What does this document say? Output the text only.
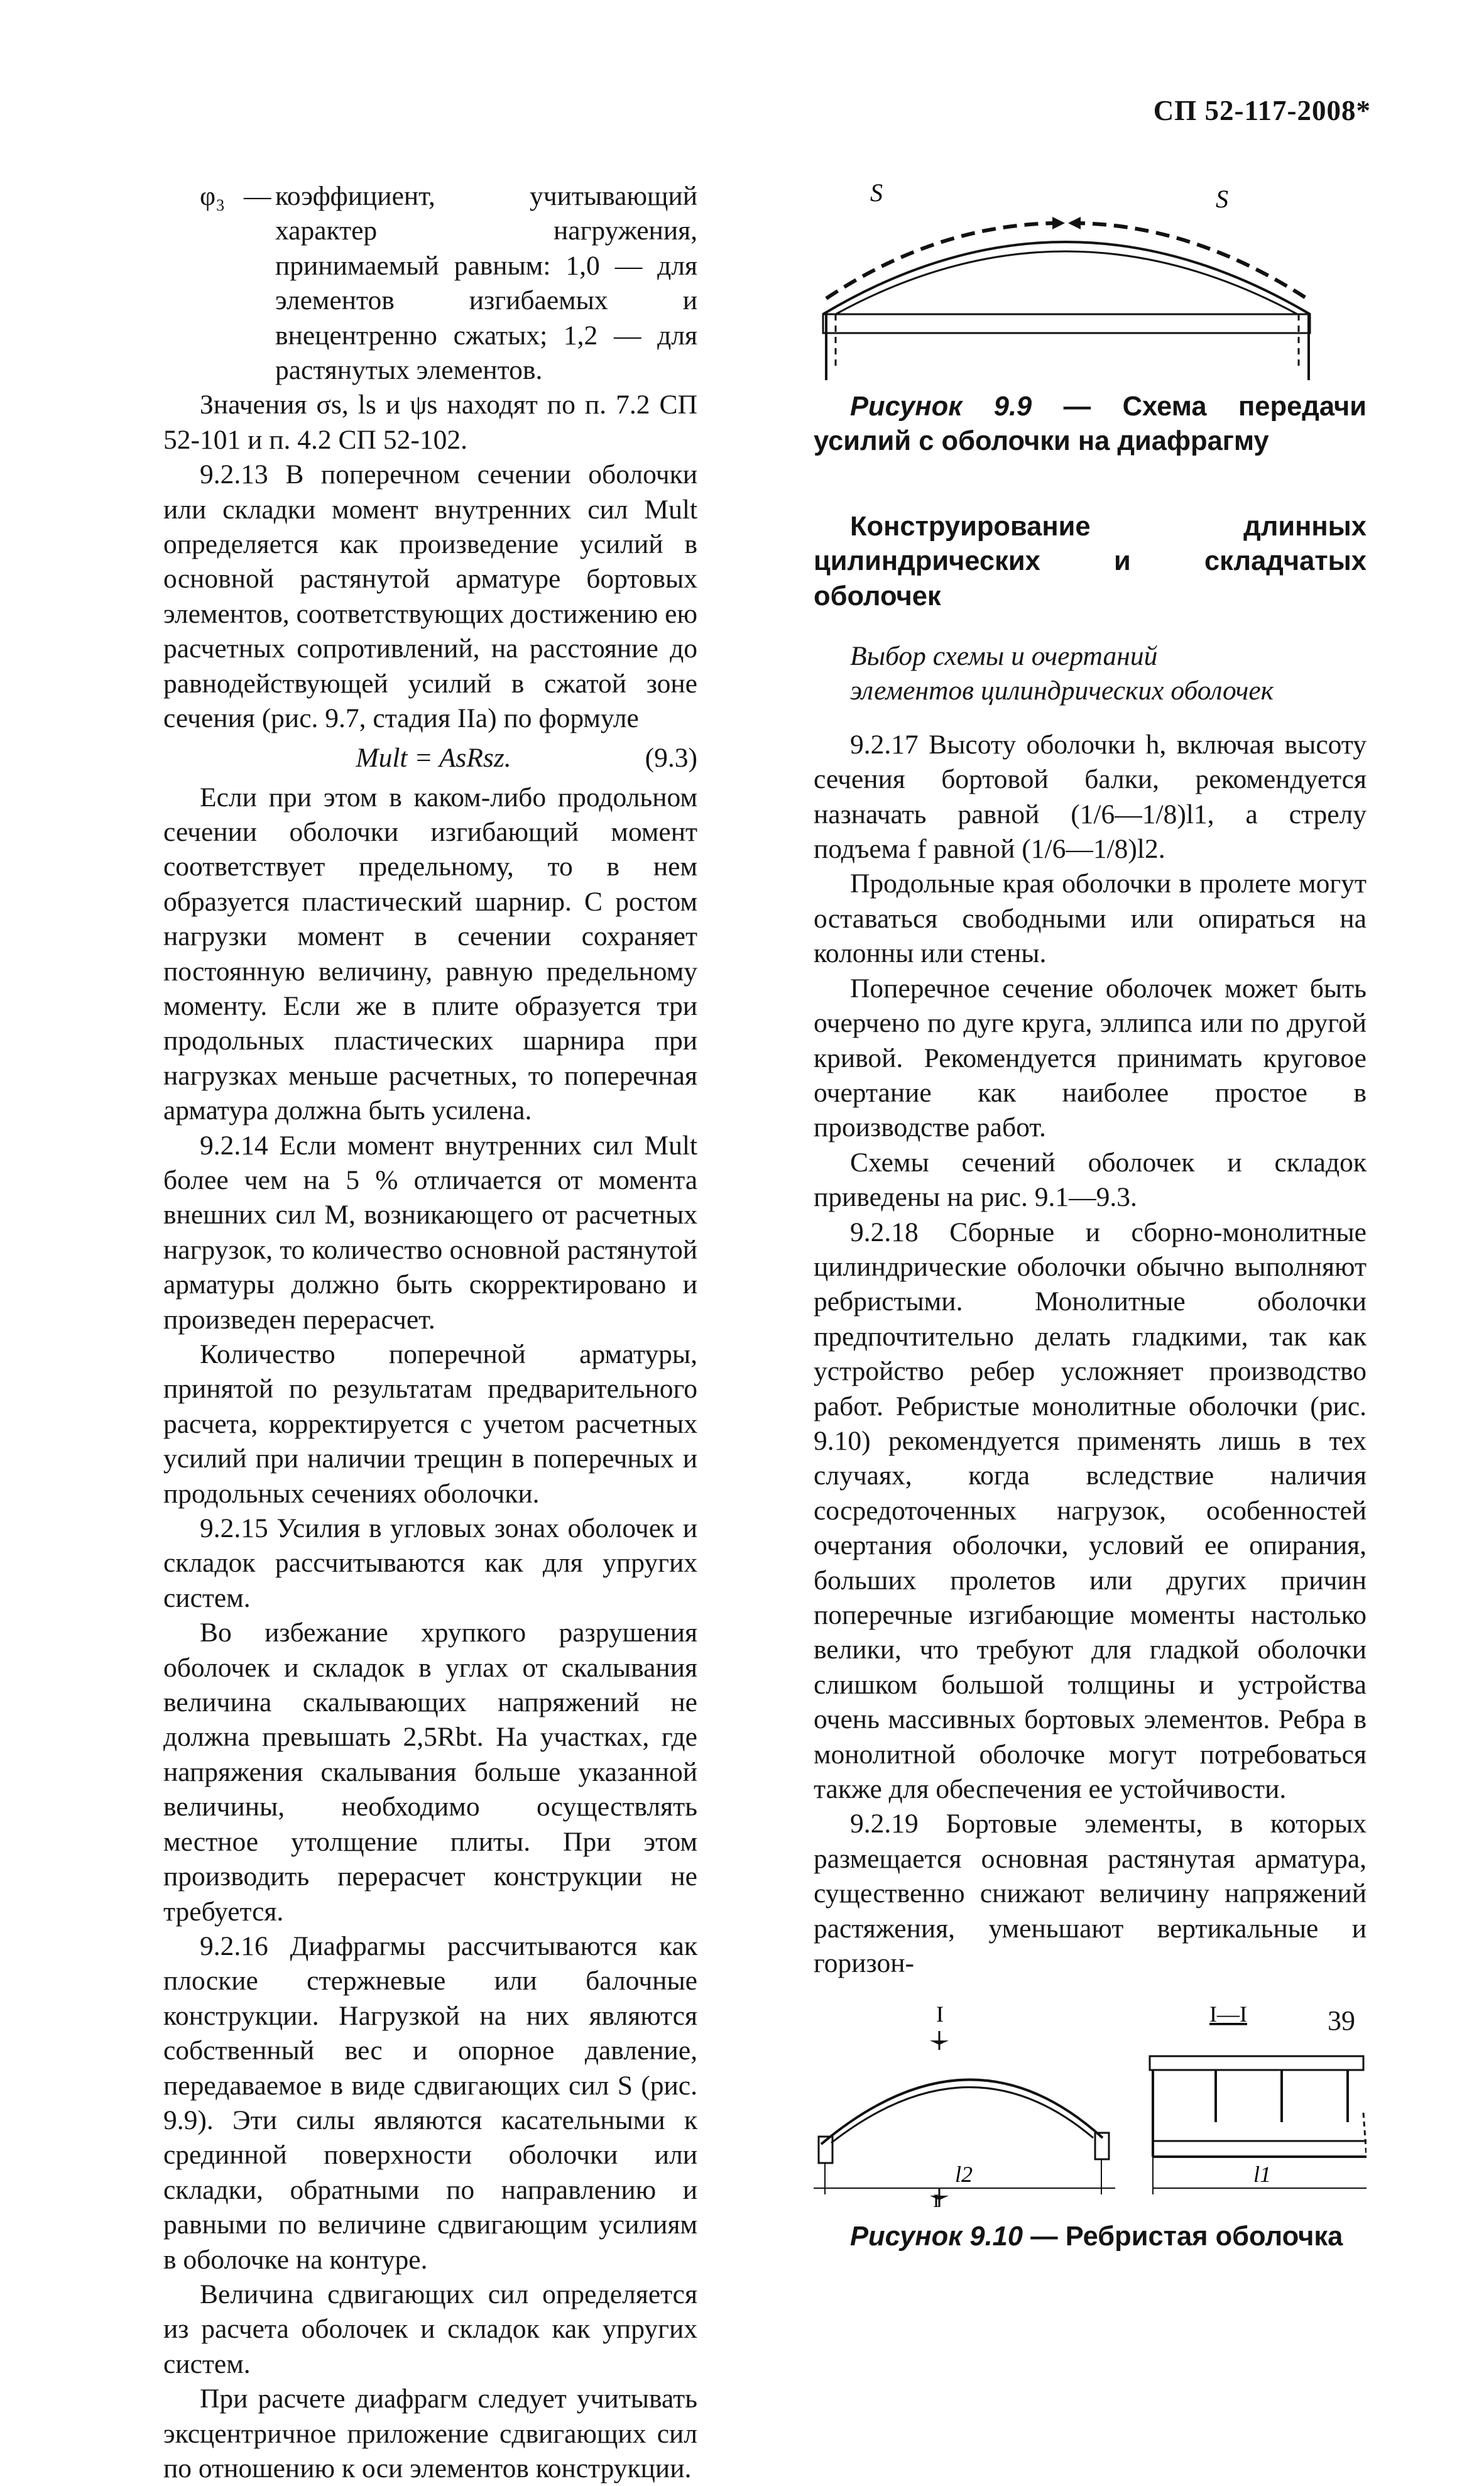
СП 52-117-2008*
φ₃ — коэффициент, учитывающий характер нагружения, принимаемый равным: 1,0 — для элементов изгибаемых и внецентренно сжатых; 1,2 — для растянутых элементов.

Значения σs, ls и ψs находят по п. 7.2 СП 52-101 и п. 4.2 СП 52-102.

9.2.13 В поперечном сечении оболочки или складки момент внутренних сил Mult определяется как произведение усилий в основной растянутой арматуре бортовых элементов, соответствующих достижению ею расчетных сопротивлений, на расстояние до равнодействующей усилий в сжатой зоне сечения (рис. 9.7, стадия IIа) по формуле

Mult = AsRsz.	(9.3)

Если при этом в каком-либо продольном сечении оболочки изгибающий момент соответствует предельному, то в нем образуется пластический шарнир. С ростом нагрузки момент в сечении сохраняет постоянную величину, равную предельному моменту. Если же в плите образуется три продольных пластических шарнира при нагрузках меньше расчетных, то поперечная арматура должна быть усилена.

9.2.14 Если момент внутренних сил Mult более чем на 5 % отличается от момента внешних сил M, возникающего от расчетных нагрузок, то количество основной растянутой арматуры должно быть скорректировано и произведен перерасчет.

Количество поперечной арматуры, принятой по результатам предварительного расчета, корректируется с учетом расчетных усилий при наличии трещин в поперечных и продольных сечениях оболочки.

9.2.15 Усилия в угловых зонах оболочек и складок рассчитываются как для упругих систем.

Во избежание хрупкого разрушения оболочек и складок в углах от скалывания величина скалывающих напряжений не должна превышать 2,5Rbt. На участках, где напряжения скалывания больше указанной величины, необходимо осуществлять местное утолщение плиты. При этом производить перерасчет конструкции не требуется.

9.2.16 Диафрагмы рассчитываются как плоские стержневые или балочные конструкции. Нагрузкой на них являются собственный вес и опорное давление, передаваемое в виде сдвигающих сил S (рис. 9.9). Эти силы являются касательными к срединной поверхности оболочки или складки, обратными по направлению и равными по величине сдвигающим усилиям в оболочке на контуре.

Величина сдвигающих сил определяется из расчета оболочек и складок как упругих систем.

При расчете диафрагм следует учитывать эксцентричное приложение сдвигающих сил по отношению к оси элементов конструкции.

S	S

Рисунок 9.9 — Схема передачи усилий с оболочки на диафрагму

Конструирование длинных цилиндрических и складчатых оболочек

Выбор схемы и очертаний

элементов цилиндрических оболочек

9.2.17 Высоту оболочки h, включая высоту сечения бортовой балки, рекомендуется назначать равной (1/6—1/8)l1, а стрелу подъема f равной (1/6—1/8)l2.

Продольные края оболочки в пролете могут оставаться свободными или опираться на колонны или стены.

Поперечное сечение оболочек может быть очерчено по дуге круга, эллипса или по другой кривой. Рекомендуется принимать круговое очертание как наиболее простое в производстве работ.

Схемы сечений оболочек и складок приведены на рис. 9.1—9.3.

9.2.18 Сборные и сборно-монолитные цилиндрические оболочки обычно выполняют ребристыми. Монолитные оболочки предпочтительно делать гладкими, так как устройство ребер усложняет производство работ. Ребристые монолитные оболочки (рис. 9.10) рекомендуется применять лишь в тех случаях, когда вследствие наличия сосредоточенных нагрузок, особенностей очертания оболочки, условий ее опирания, больших пролетов или других причин поперечные изгибающие моменты настолько велики, что требуют для гладкой оболочки слишком большой толщины и устройства очень массивных бортовых элементов. Ребра в монолитной оболочке могут потребоваться также для обеспечения ее устойчивости.

9.2.19 Бортовые элементы, в которых размещается основная растянутая арматура, существенно снижают величину напряжений растяжения, уменьшают вертикальные и горизон-

I
l2
I
I—I
l1

Рисунок 9.10 — Ребристая оболочка

39
